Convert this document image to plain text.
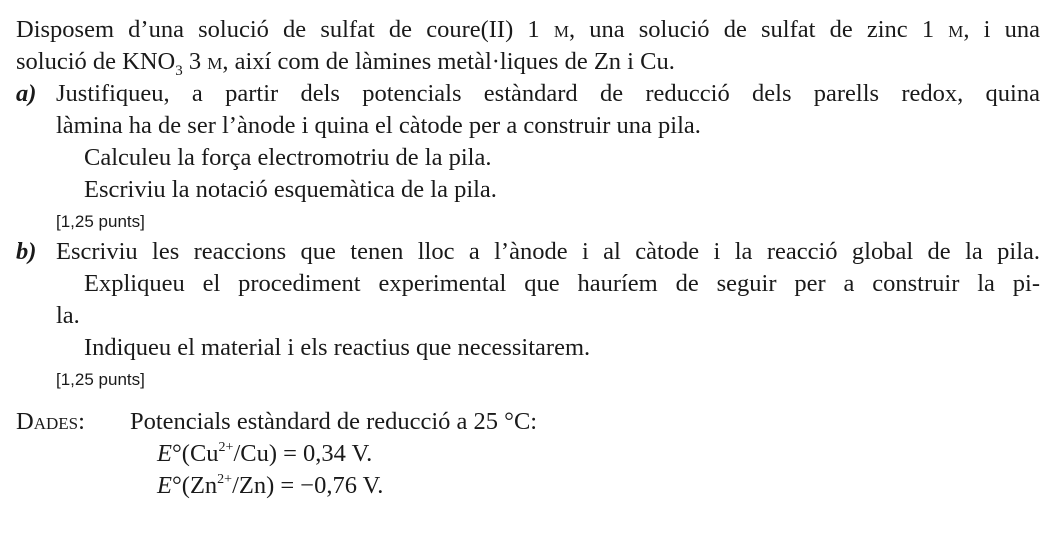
Disposem d’una solució de sulfat de coure(II) 1 m, una solució de sulfat de zinc 1 m, i una
solució de $KNO_3$ 3 m, així com de làmines metàl·liques de Zn i Cu.
a) Justifiqueu, a partir dels potencials estàndard de reducció dels parells redox, quina
làmina ha de ser l’ànode i quina el càtode per a construir una pila.
Calculeu la força electromotriu de la pila.
Escriviu la notació esquemàtica de la pila.
[1,25 punts]
b) Escriviu les reaccions que tenen lloc a l’ànode i al càtode i la reacció global de la pila.
Expliqueu el procediment experimental que hauríem de seguir per a construir la pi-
la.
Indiqueu el material i els reactius que necessitarem.
[1,25 punts]
Dades:	Potencials estàndard de reducció a 25 °C:
$E^\circ(Cu^{2+}/Cu) = 0,34$ V.
$E^\circ(Zn^{2+}/Zn) = -0,76$ V.
